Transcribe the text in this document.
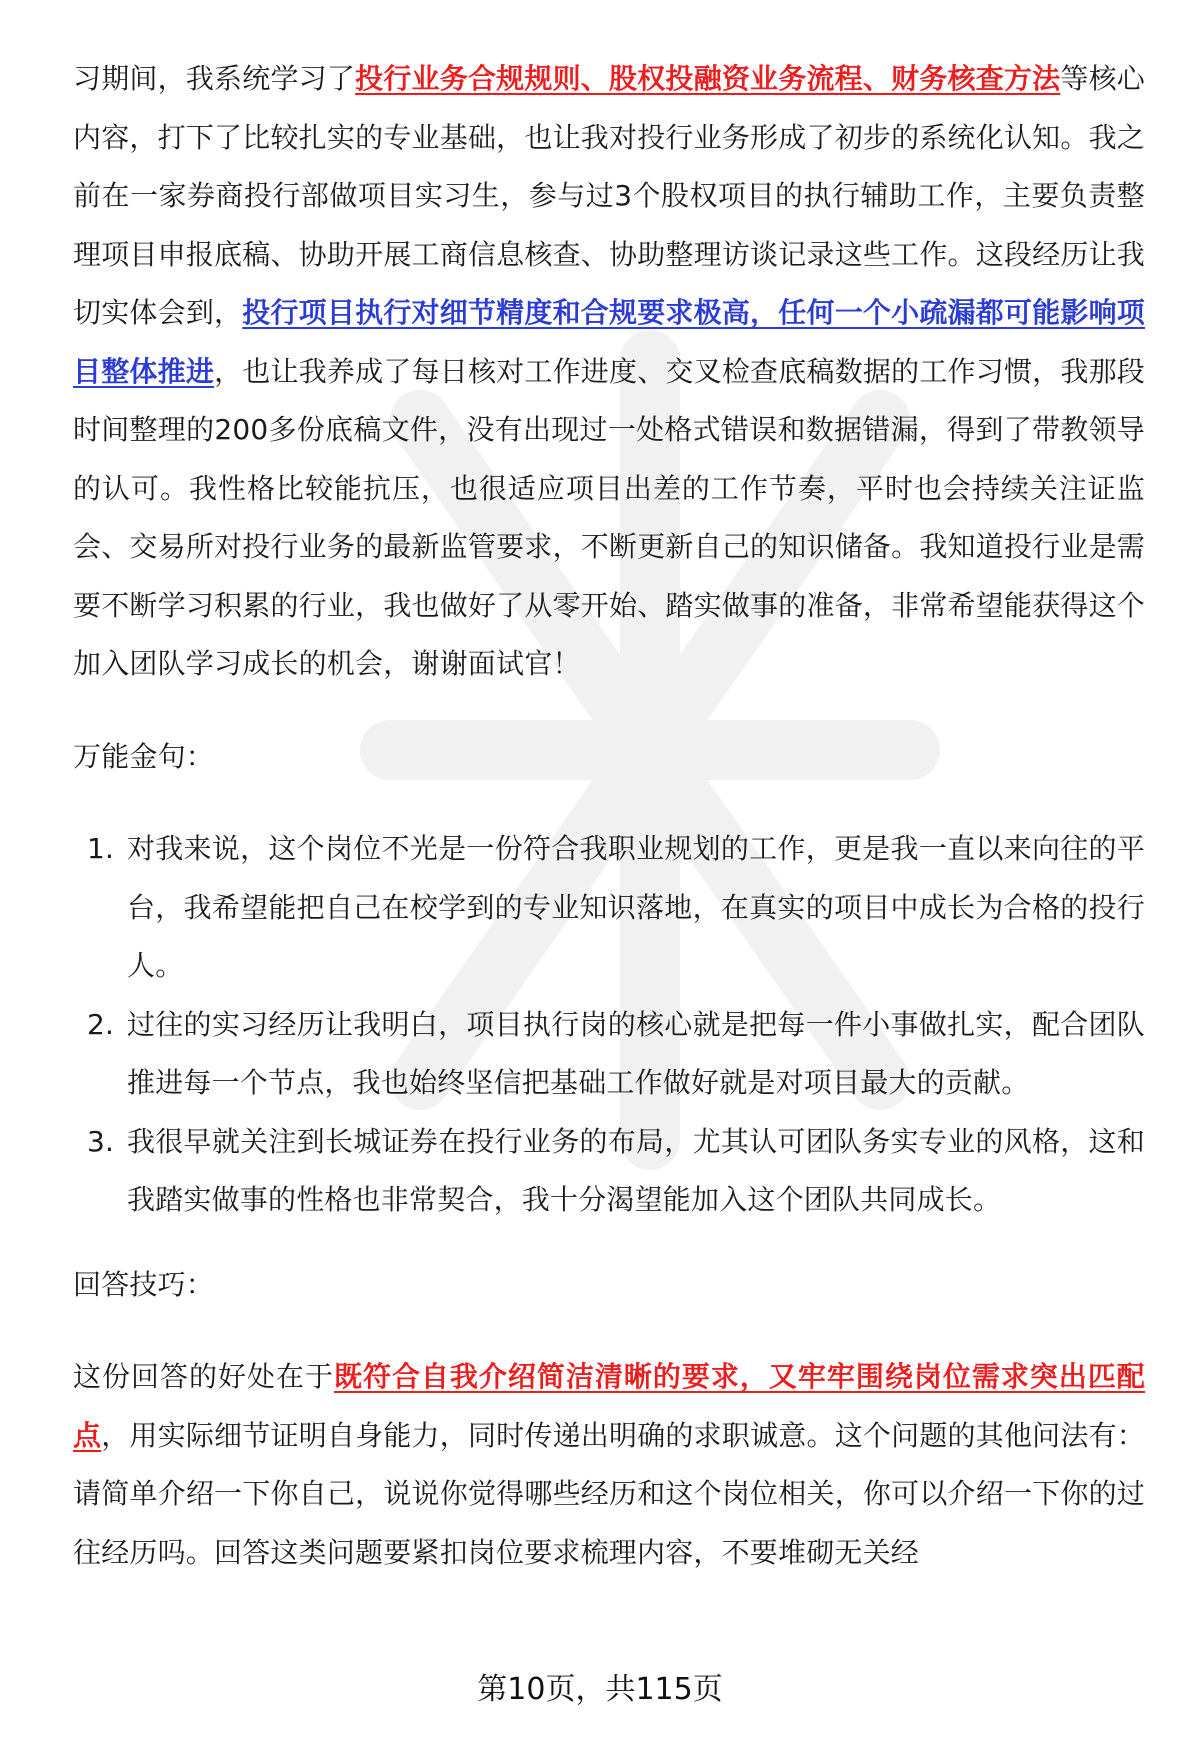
习期间，我系统学习了投行业务合规规则、股权投融资业务流程、财务核查方法等核心内容，打下了比较扎实的专业基础，也让我对投行业务形成了初步的系统化认知。我之前在一家券商投行部做项目实习生，参与过3个股权项目的执行辅助工作，主要负责整理项目申报底稿、协助开展工商信息核查、协助整理访谈记录这些工作。这段经历让我切实体会到，投行项目执行对细节精度和合规要求极高，任何一个小疏漏都可能影响项目整体推进，也让我养成了每日核对工作进度、交叉检查底稿数据的工作习惯，我那段时间整理的200多份底稿文件，没有出现过一处格式错误和数据错漏，得到了带教领导的认可。我性格比较能抗压，也很适应项目出差的工作节奏，平时也会持续关注证监会、交易所对投行业务的最新监管要求，不断更新自己的知识储备。我知道投行业是需要不断学习积累的行业，我也做好了从零开始、踏实做事的准备，非常希望能获得这个加入团队学习成长的机会，谢谢面试官！

万能金句：

1. 对我来说，这个岗位不光是一份符合我职业规划的工作，更是我一直以来向往的平台，我希望能把自己在校学到的专业知识落地，在真实的项目中成长为合格的投行人。
2. 过往的实习经历让我明白，项目执行岗的核心就是把每一件小事做扎实，配合团队推进每一个节点，我也始终坚信把基础工作做好就是对项目最大的贡献。
3. 我很早就关注到长城证券在投行业务的布局，尤其认可团队务实专业的风格，这和我踏实做事的性格也非常契合，我十分渴望能加入这个团队共同成长。

回答技巧：

这份回答的好处在于既符合自我介绍简洁清晰的要求，又牢牢围绕岗位需求突出匹配点，用实际细节证明自身能力，同时传递出明确的求职诚意。这个问题的其他问法有：请简单介绍一下你自己，说说你觉得哪些经历和这个岗位相关，你可以介绍一下你的过往经历吗。回答这类问题要紧扣岗位要求梳理内容，不要堆砌无关经

第10页，共115页
